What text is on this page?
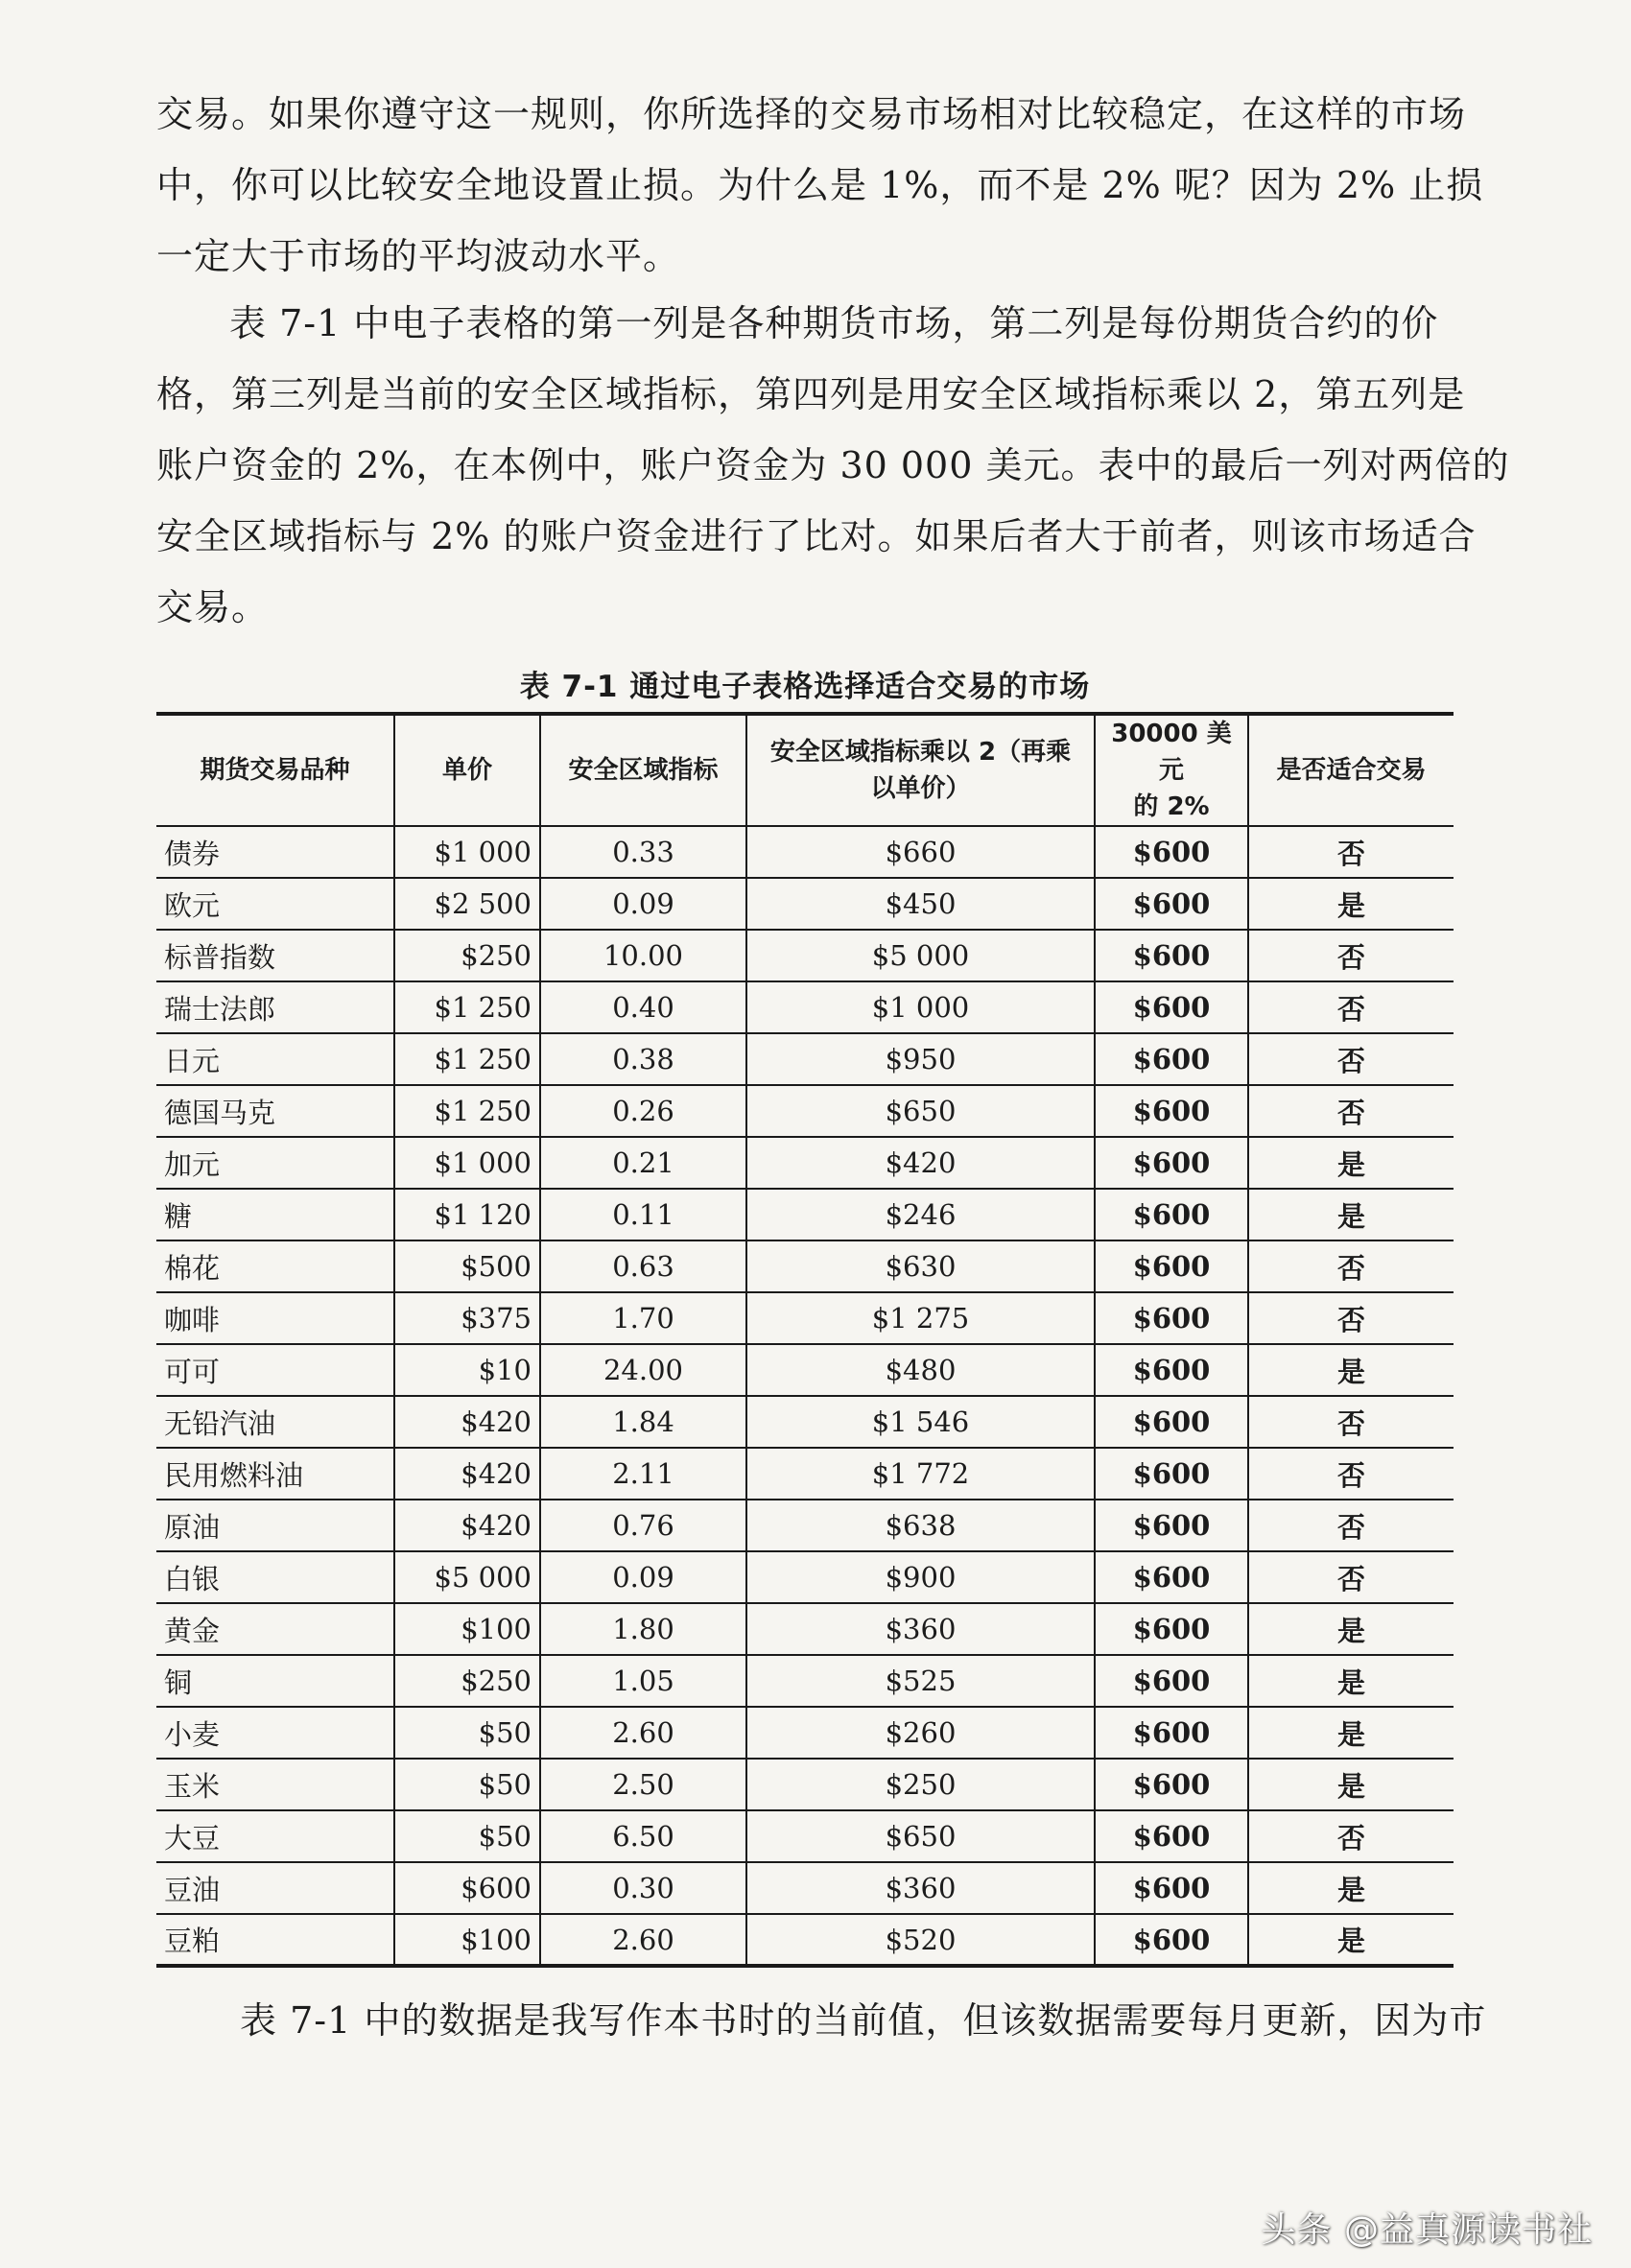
交易。如果你遵守这一规则，你所选择的交易市场相对比较稳定，在这样的市场
中，你可以比较安全地设置止损。为什么是 1%，而不是 2% 呢？因为 2% 止损
一定大于市场的平均波动水平。
表 7-1 中电子表格的第一列是各种期货市场，第二列是每份期货合约的价
格，第三列是当前的安全区域指标，第四列是用安全区域指标乘以 2，第五列是
账户资金的 2%，在本例中，账户资金为 30 000 美元。表中的最后一列对两倍的
安全区域指标与 2% 的账户资金进行了比对。如果后者大于前者，则该市场适合
交易。
表 7-1 通过电子表格选择适合交易的市场
期货交易品种	单价	安全区域指标	安全区域指标乘以 2（再乘
以单价）	30000 美元
的 2%	是否适合交易
债券	$1 000	0.33	$660	$600	否
欧元	$2 500	0.09	$450	$600	是
标普指数	$250	10.00	$5 000	$600	否
瑞士法郎	$1 250	0.40	$1 000	$600	否
日元	$1 250	0.38	$950	$600	否
德国马克	$1 250	0.26	$650	$600	否
加元	$1 000	0.21	$420	$600	是
糖	$1 120	0.11	$246	$600	是
棉花	$500	0.63	$630	$600	否
咖啡	$375	1.70	$1 275	$600	否
可可	$10	24.00	$480	$600	是
无铅汽油	$420	1.84	$1 546	$600	否
民用燃料油	$420	2.11	$1 772	$600	否
原油	$420	0.76	$638	$600	否
白银	$5 000	0.09	$900	$600	否
黄金	$100	1.80	$360	$600	是
铜	$250	1.05	$525	$600	是
小麦	$50	2.60	$260	$600	是
玉米	$50	2.50	$250	$600	是
大豆	$50	6.50	$650	$600	否
豆油	$600	0.30	$360	$600	是
豆粕	$100	2.60	$520	$600	是
表 7-1 中的数据是我写作本书时的当前值，但该数据需要每月更新，因为市
头条 @益真源读书社
